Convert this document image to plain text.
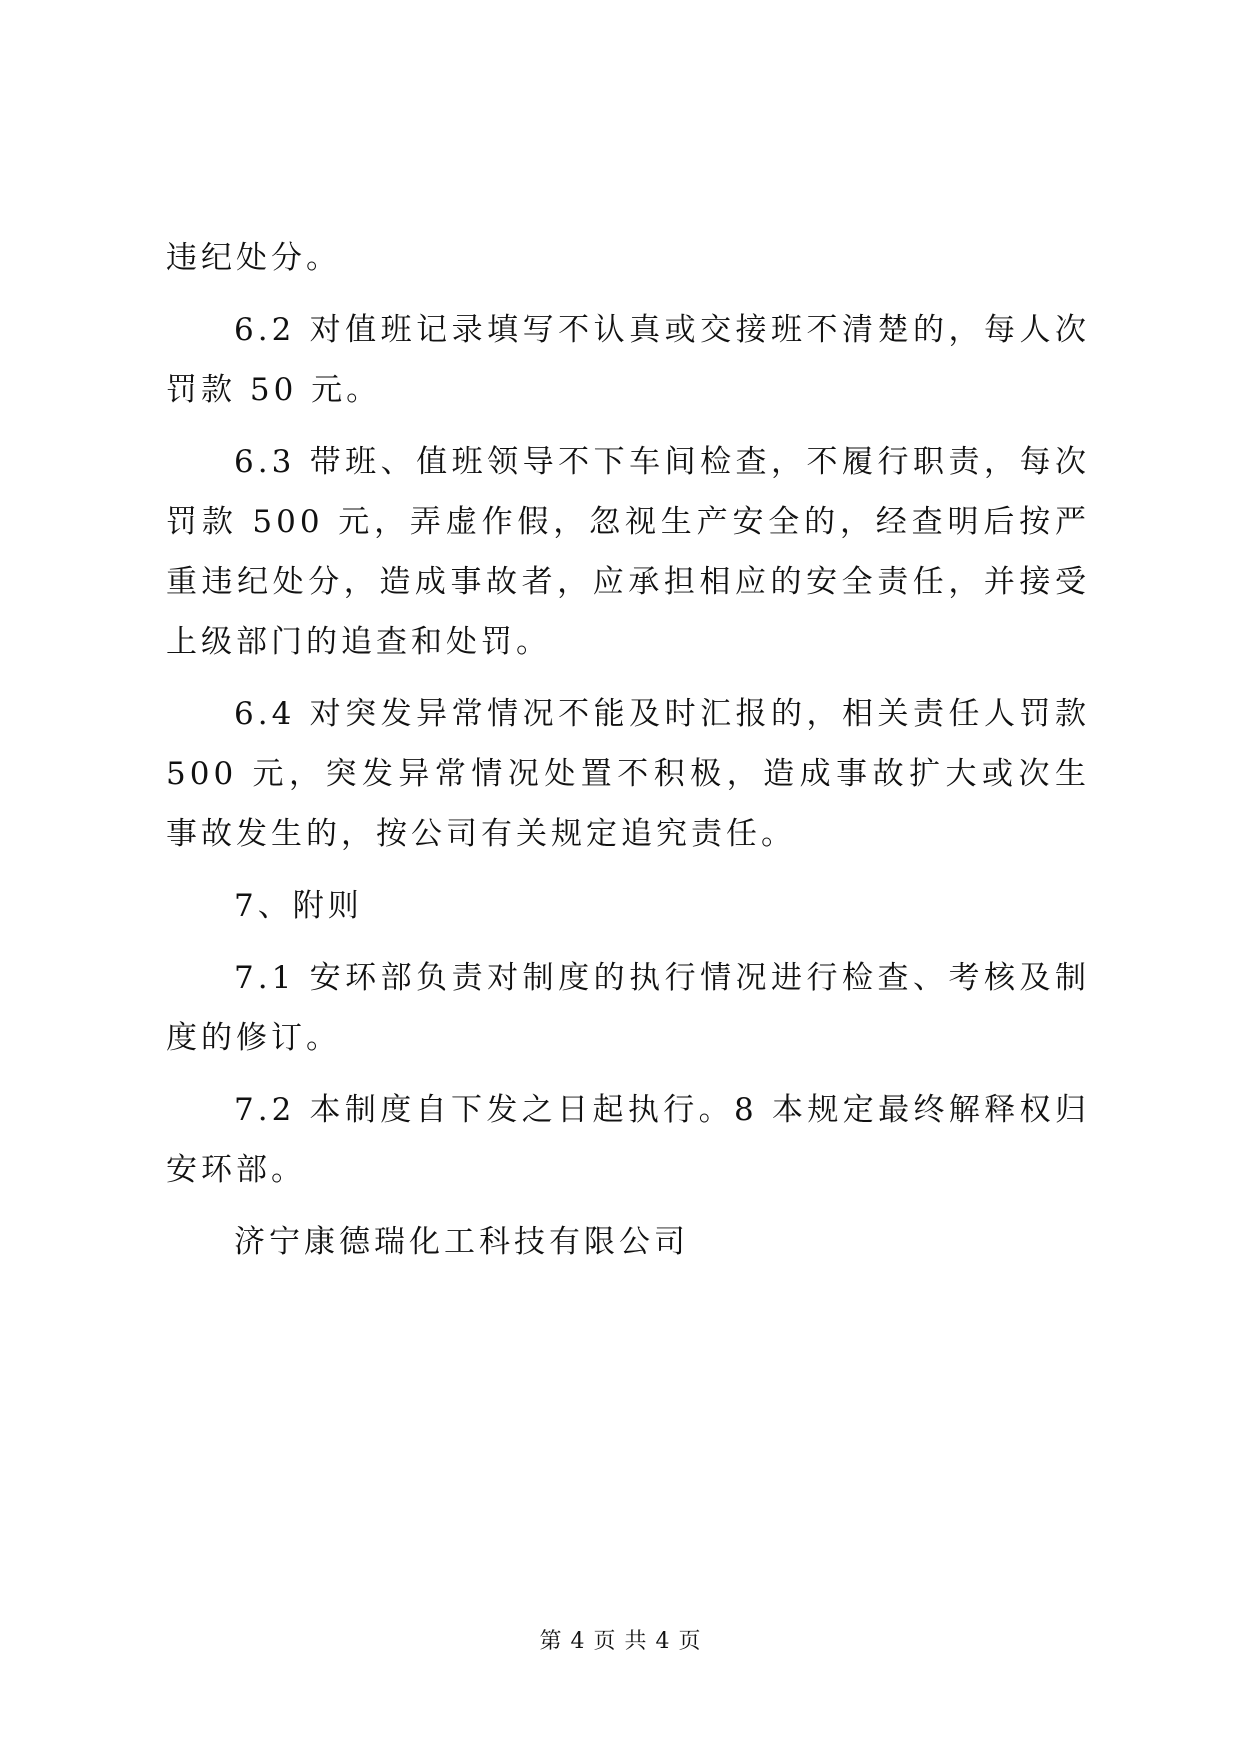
违纪处分。

6.2 对值班记录填写不认真或交接班不清楚的，每人次罚款 50 元。

6.3 带班、值班领导不下车间检查，不履行职责，每次罚款 500 元，弄虚作假，忽视生产安全的，经查明后按严重违纪处分，造成事故者，应承担相应的安全责任，并接受上级部门的追查和处罚。

6.4 对突发异常情况不能及时汇报的，相关责任人罚款 500 元，突发异常情况处置不积极，造成事故扩大或次生事故发生的，按公司有关规定追究责任。

7、附则

7.1 安环部负责对制度的执行情况进行检查、考核及制度的修订。

7.2 本制度自下发之日起执行。8 本规定最终解释权归安环部。

济宁康德瑞化工科技有限公司

第 4 页 共 4 页
